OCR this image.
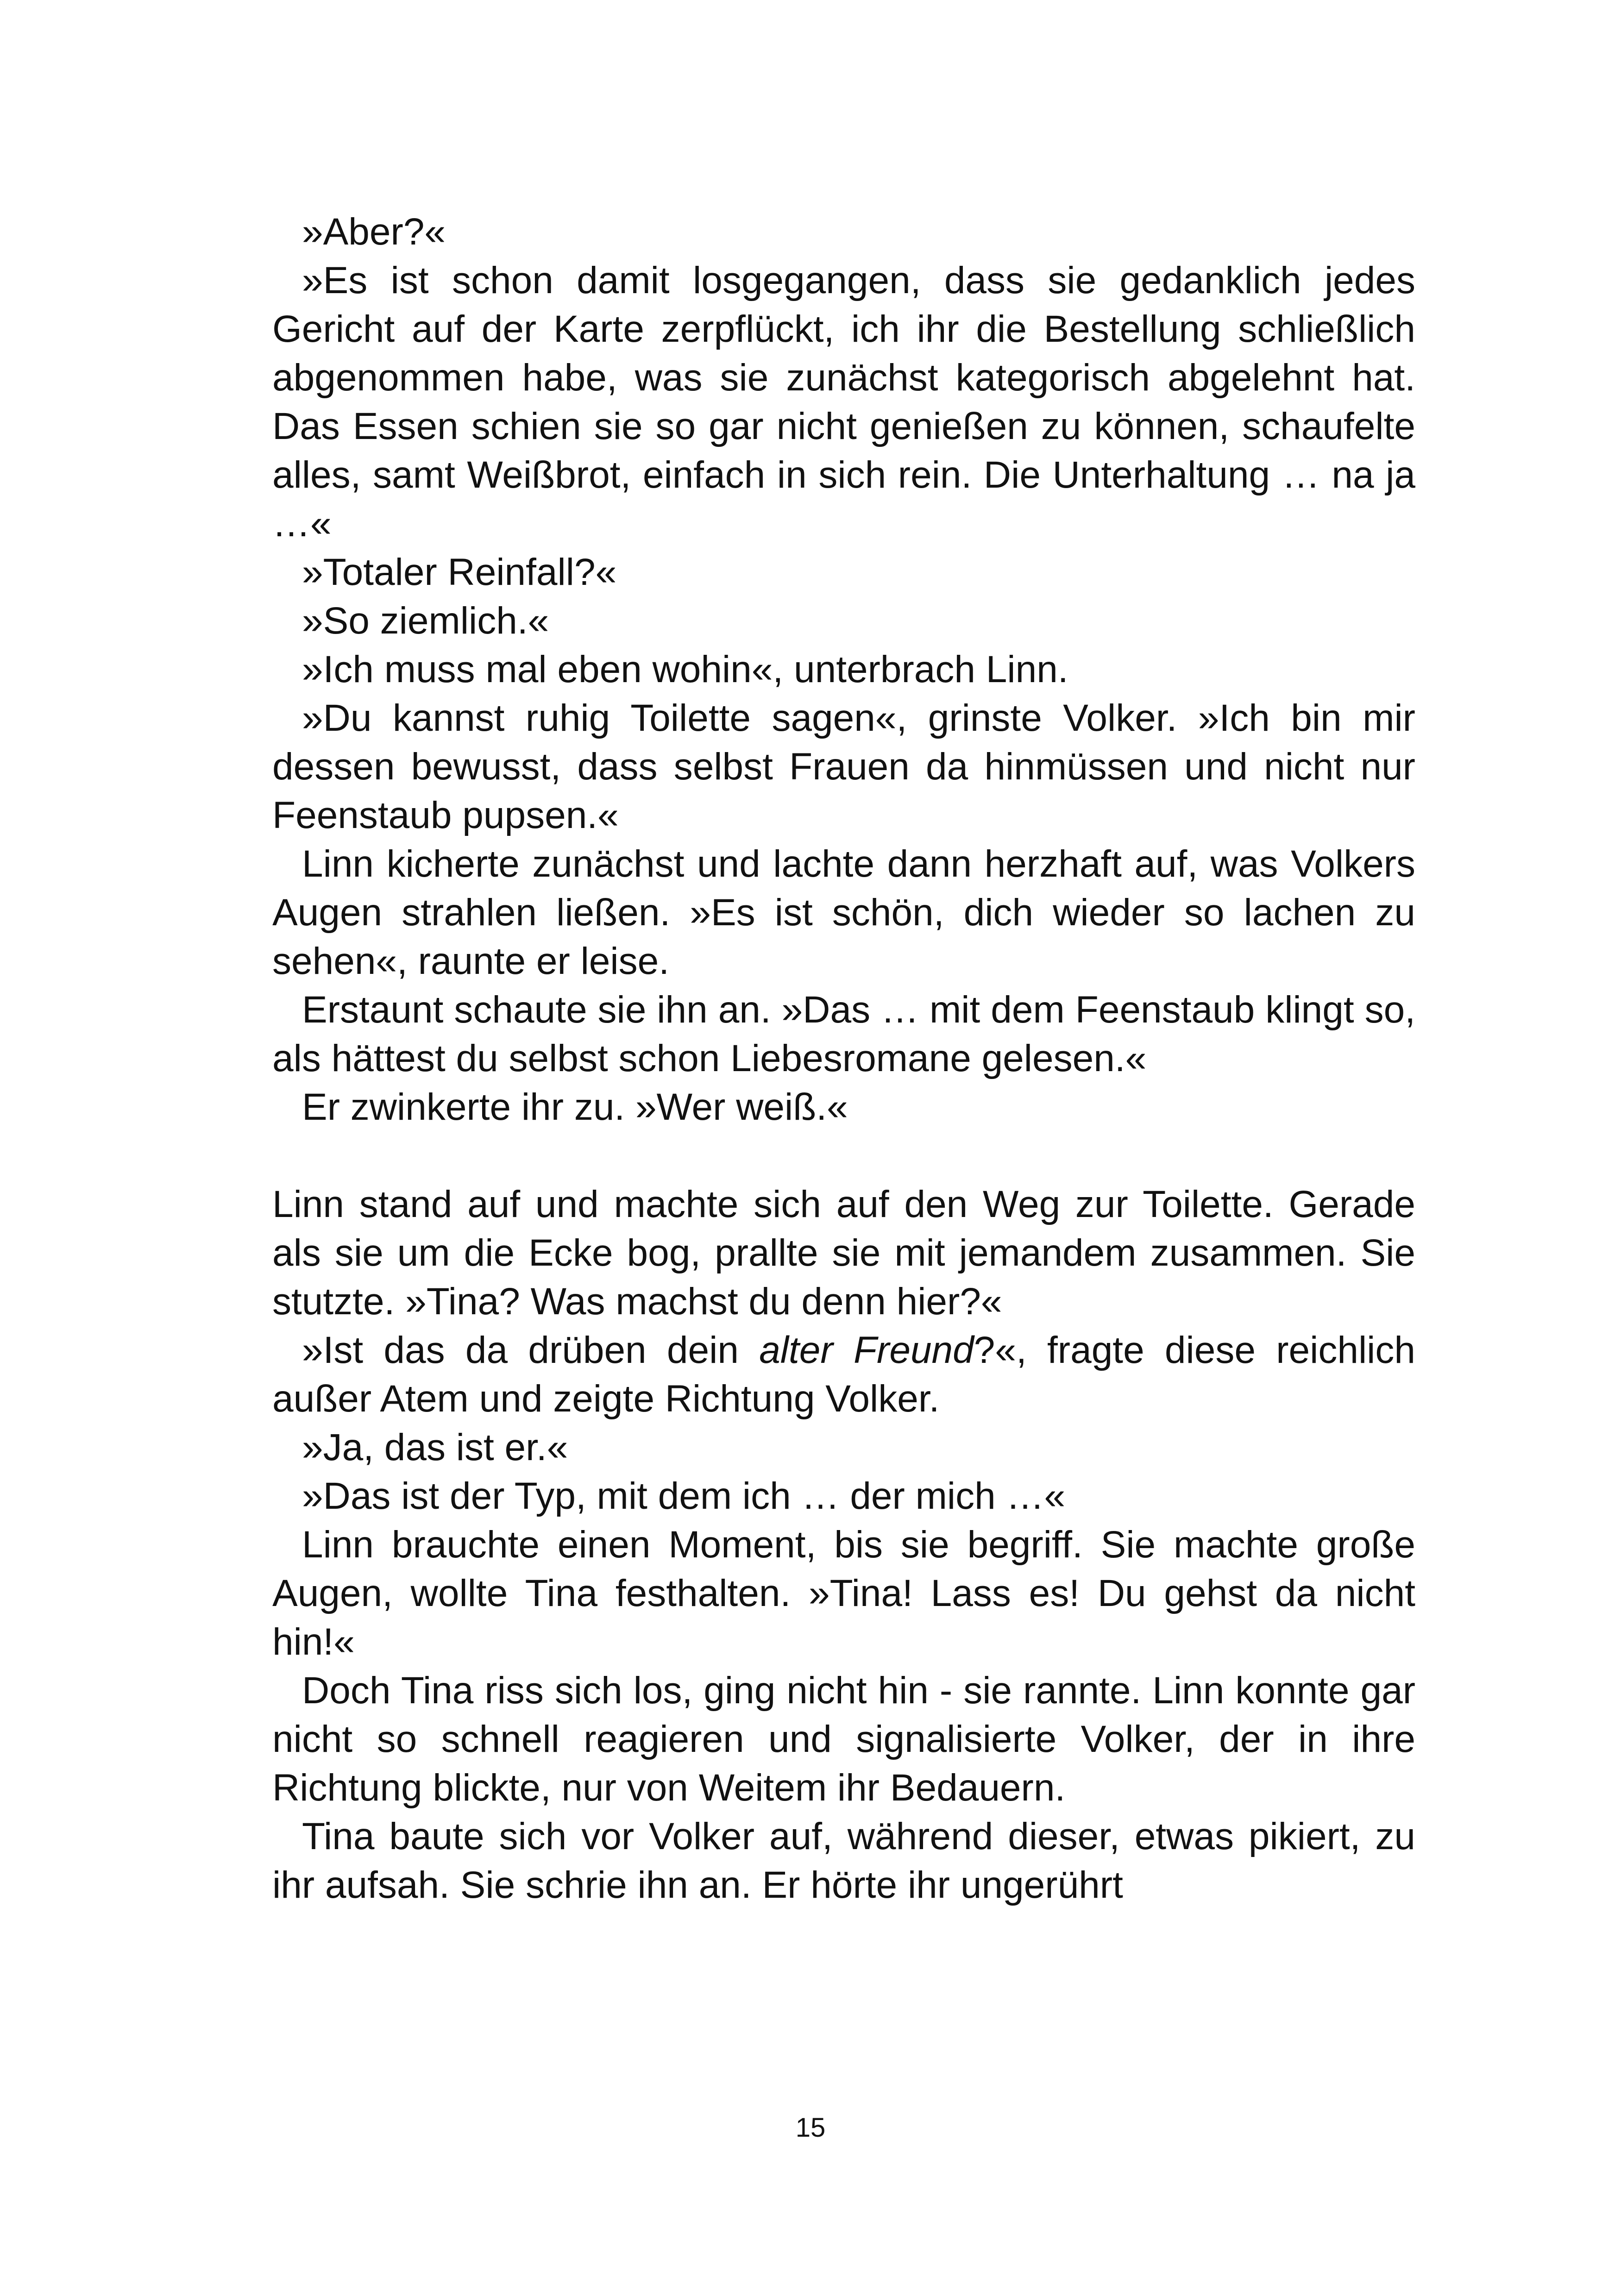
»Aber?«

»Es ist schon damit losgegangen, dass sie gedanklich jedes Gericht auf der Karte zerpflückt, ich ihr die Bestellung schließlich abgenommen habe, was sie zunächst kategorisch abgelehnt hat. Das Essen schien sie so gar nicht genießen zu können, schaufelte alles, samt Weißbrot, einfach in sich rein. Die Unterhaltung … na ja …«

»Totaler Reinfall?«

»So ziemlich.«

»Ich muss mal eben wohin«, unterbrach Linn.

»Du kannst ruhig Toilette sagen«, grinste Volker. »Ich bin mir dessen bewusst, dass selbst Frauen da hinmüssen und nicht nur Feenstaub pupsen.«

Linn kicherte zunächst und lachte dann herzhaft auf, was Volkers Augen strahlen ließen. »Es ist schön, dich wieder so lachen zu sehen«, raunte er leise.

Erstaunt schaute sie ihn an. »Das … mit dem Feenstaub klingt so, als hättest du selbst schon Liebesromane gelesen.«

Er zwinkerte ihr zu. »Wer weiß.«

Linn stand auf und machte sich auf den Weg zur Toilette. Gerade als sie um die Ecke bog, prallte sie mit jemandem zusammen. Sie stutzte. »Tina? Was machst du denn hier?«

»Ist das da drüben dein alter Freund?«, fragte diese reichlich außer Atem und zeigte Richtung Volker.

»Ja, das ist er.«

»Das ist der Typ, mit dem ich … der mich …«

Linn brauchte einen Moment, bis sie begriff. Sie machte große Augen, wollte Tina festhalten. »Tina! Lass es! Du gehst da nicht hin!«

Doch Tina riss sich los, ging nicht hin - sie rannte. Linn konnte gar nicht so schnell reagieren und signalisierte Volker, der in ihre Richtung blickte, nur von Weitem ihr Bedauern.

Tina baute sich vor Volker auf, während dieser, etwas pikiert, zu ihr aufsah. Sie schrie ihn an. Er hörte ihr ungerührt

15
